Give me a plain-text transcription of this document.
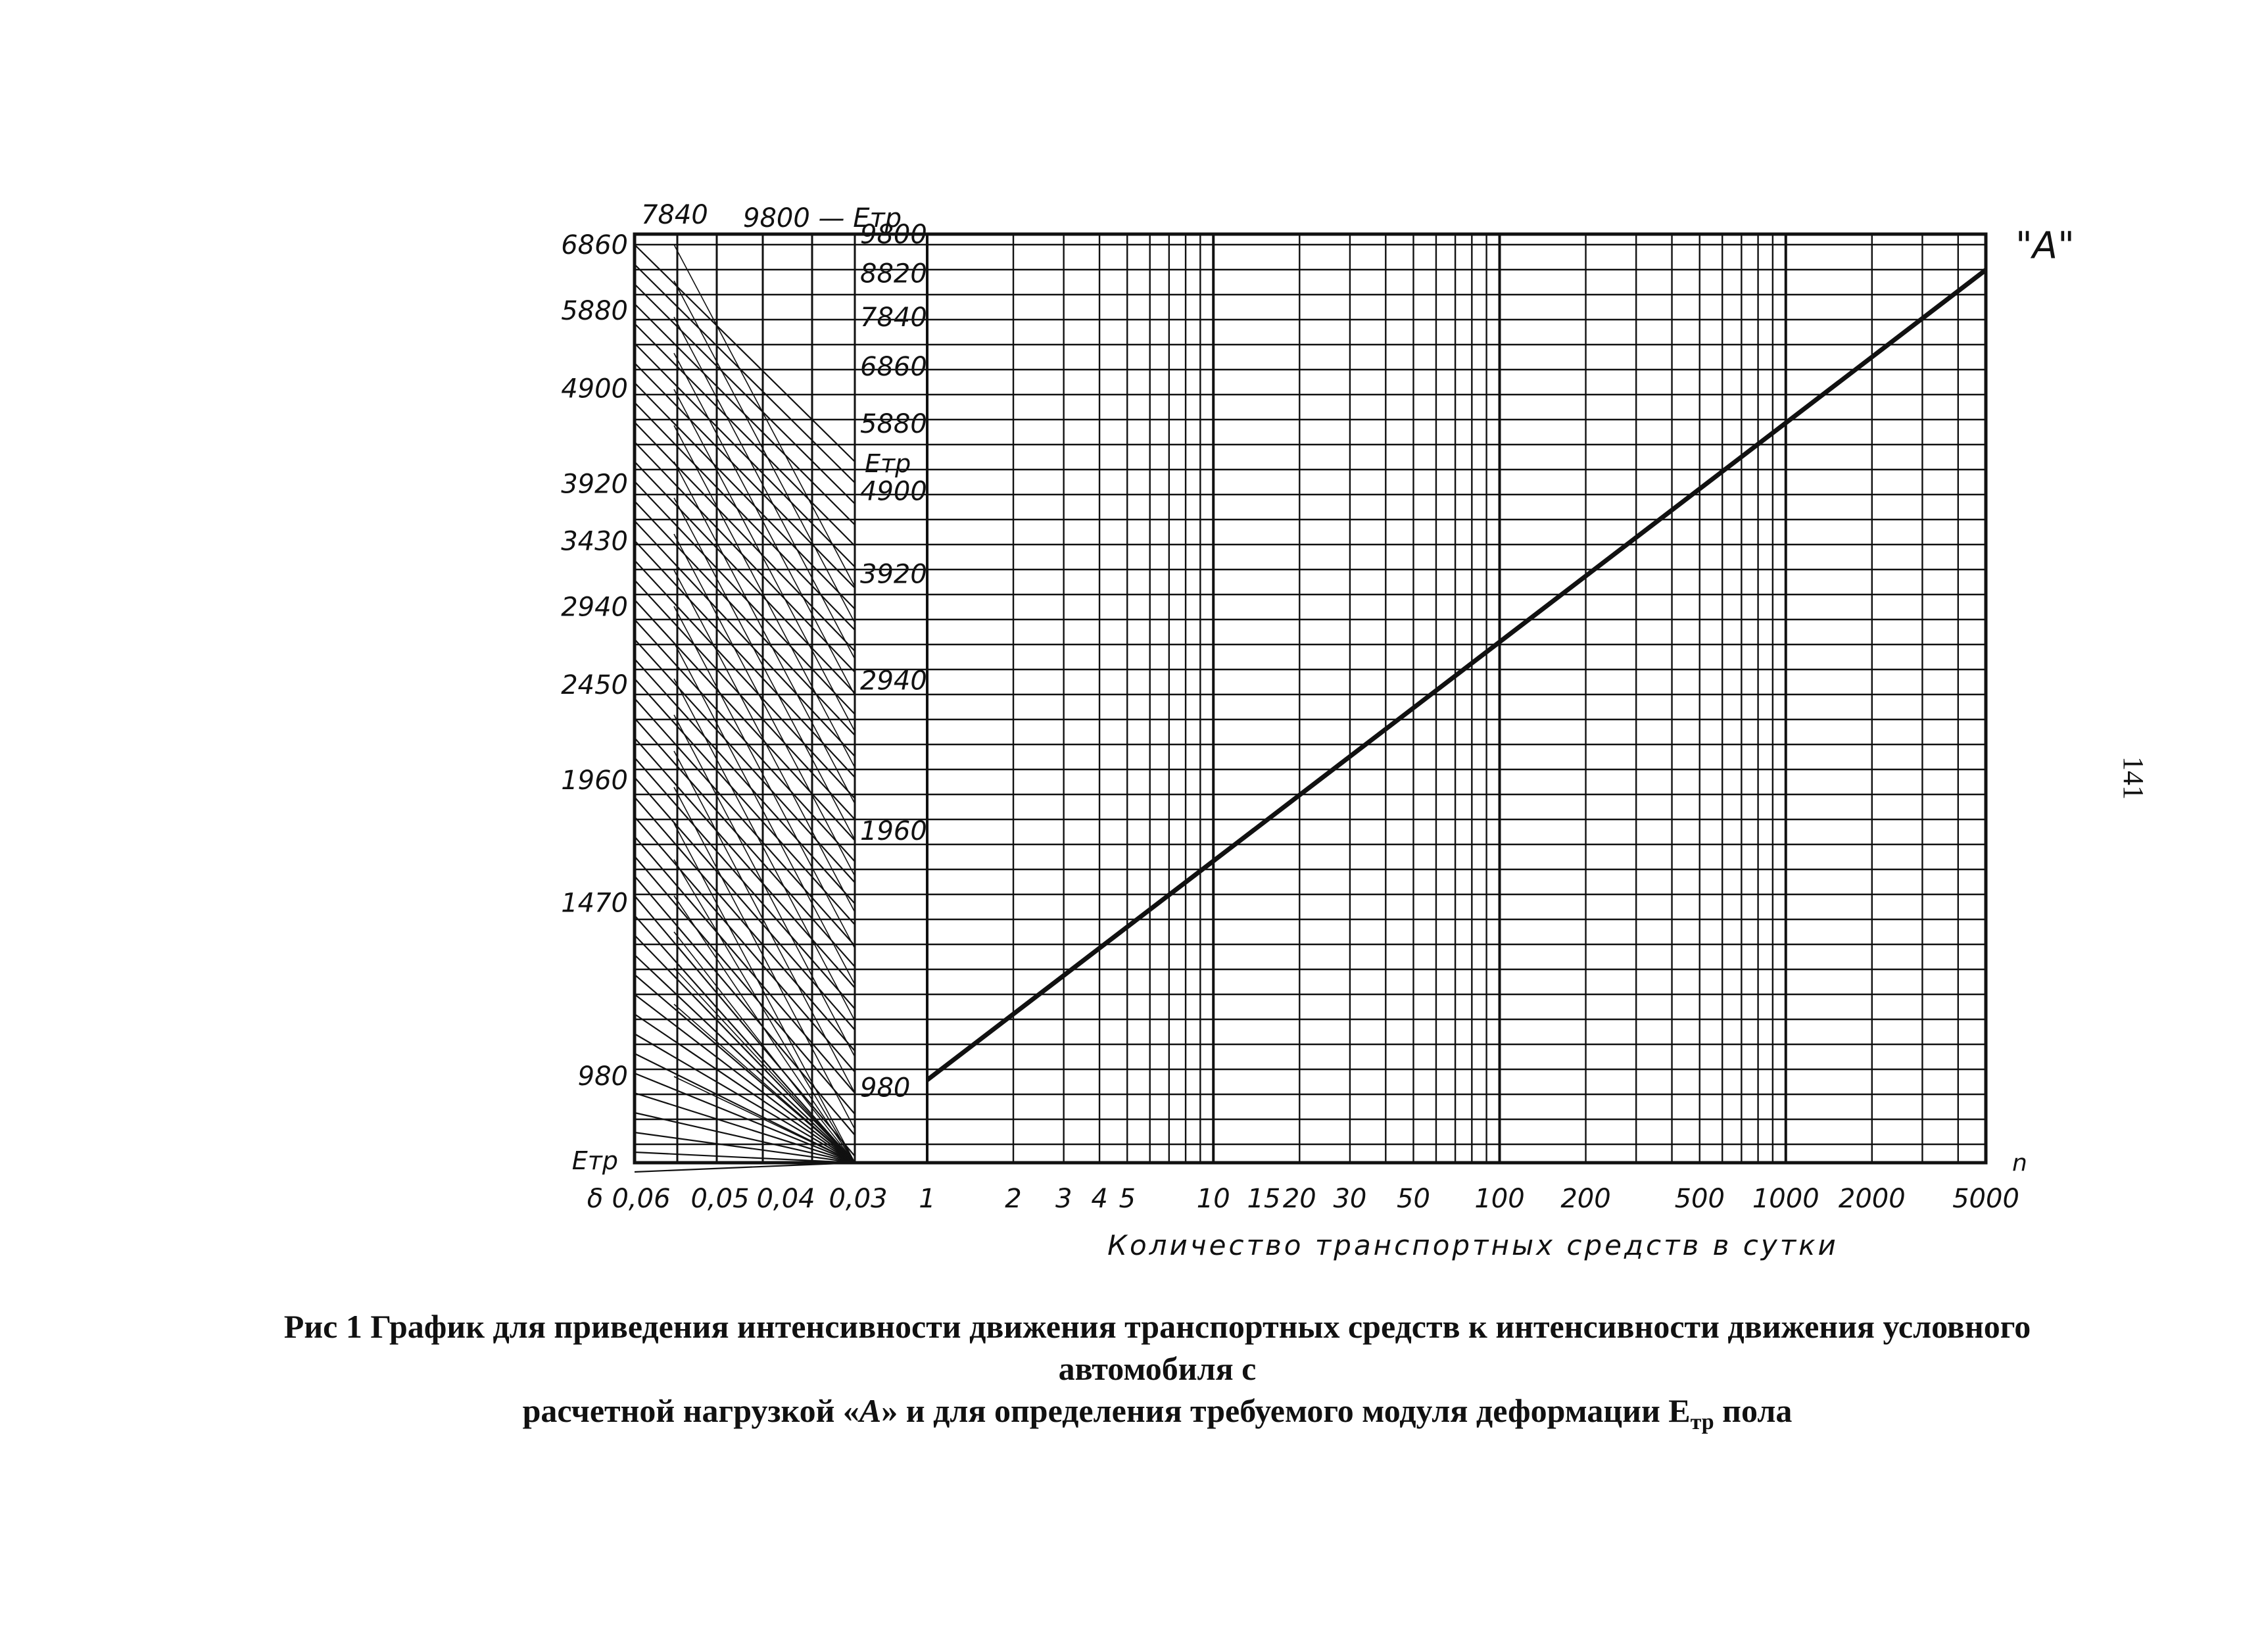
"А"
1	2 3 4 5 10 15 20 30 50 100 200 500 1000 2000 5000
n
Количество транспортных средств в сутки
980
1470
1960
2450
2940
3430
3920
4900
5880
6860
Етр
980
1960
2940
3920
4900
5880
6860
7840
8820
9800
Етр
7840 9800 — Етр
δ 0,06 0,05 0,04 0,03
Рис 1 График для приведения интенсивности движения транспортных средств к интенсивности движения условного автомобиля с
расчетной нагрузкой «А» и для определения требуемого модуля деформации $Е_{тр}$ пола
141
